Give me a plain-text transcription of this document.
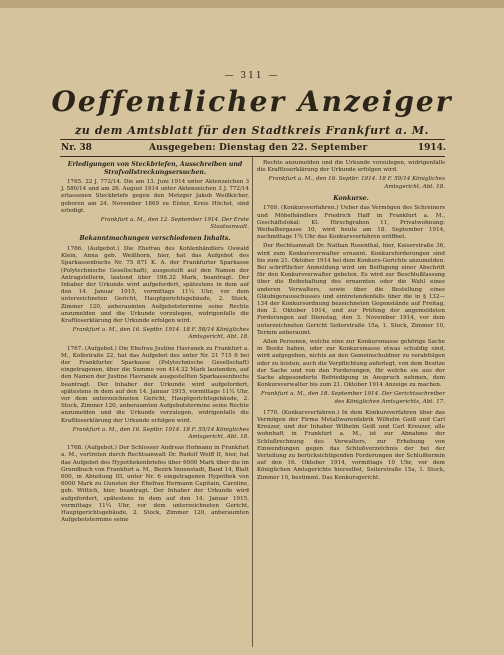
— 311 —
Oeffentlicher Anzeiger
zu dem Amtsblatt für den Stadtkreis Frankfurt a. M.
Nr. 38	Ausgegeben: Dienstag den 22. September	1914.
Erledigungen von Steckbriefen, Ausschreiben und Strafvollstreckungsersuchen.

1765. 22 J. 772/14. Die am 13. Juni 1914 unter Aktenzeichen 3 J. 580/14 und am 26. August 1914 unter Aktenzeichen 3 J. 772/14 erlassenen Steckbriefe gegen den Metzger Jakob Weißkicher, geboren am 24. November 1869 zu Elster, Kreis Höchst, sind erledigt.

Frankfurt a. M., den 12. September 1914. Der Erste Staatsanwalt.

Bekanntmachungen verschiedenen Inhalts.

1766. (Aufgebot.) Die Ehefrau des Kohlenhändlers Oswald Klein, Anna geb. Weißhorn, hier, hat das Aufgebot des Sparkassenbuchs Nr. 75 871 K. A. der Frankfurter Sparkasse (Polytechnische Gesellschaft), ausgestellt auf den Namen der Antragstellerin, lautend über 198.32 Mark, beantragt. Der Inhaber der Urkunde wird aufgefordert, spätestens in dem auf den 14. Januar 1915, vormittags 11¼ Uhr, vor dem unterzeichneten Gericht, Hauptgerichtsgebäude, 2. Stock, Zimmer 120, anberaumten Aufgebotstermine seine Rechte anzumelden und die Urkunde vorzulegen, widrigenfalls die Kraftloserklärung der Urkunde erfolgen wird.

Frankfurt a. M., den 16. Septbr. 1914. 18 F. 58/14 Königliches Amtsgericht, Abt. 18.

1767. (Aufgebot.) Die Ehefrau Justine Havranek zu Frankfurt a. M., Kolbstraße 22, hat das Aufgebot des unter Nr. 21 715 6 bei der Frankfurter Sparkasse (Polytechnische Gesellschaft) eingetragenen, über die Summe von 414.32 Mark lautenden, auf den Namen der Justine Havranek ausgestellten Sparkassenbuchs beantragt. Der Inhaber der Urkunde wird aufgefordert, spätestens in dem auf den 14. Januar 1915, vormittags 11¼ Uhr, vor dem unterzeichneten Gericht, Hauptgerichtsgebäude, 2. Stock, Zimmer 120, anberaumten Aufgebotstermine seine Rechte anzumelden und die Urkunde vorzulegen, widrigenfalls die Kraftloserklärung der Urkunde erfolgen wird.

Frankfurt a. M., den 16. Septbr. 1914. 18 F. 55/14 Königliches Amtsgericht, Abt. 18.

1768. (Aufgebot.) Der Schlosser Andreas Hofmann in Frankfurt a. M., vertreten durch Rechtsanwalt Dr. Rudolf Wolff II, hier, hat das Aufgebot des Hypothekenbriefes über 6000 Mark über die im Grundbuch von Frankfurt a. M., Bezirk Innenstadt, Band 14, Blatt 600, in Abteilung III, unter Nr. 6 eingetragenen Hypothek von 6000 Mark zu Gunsten der Ehefrau Hermann Capitain, Caroline, geb. Wittich, hier, beantragt. Der Inhaber der Urkunde wird aufgefordert, spätestens in dem auf den 14. Januar 1915, vormittags 11¼ Uhr, vor dem unterzeichneten Gericht, Hauptgerichtsgebäude, 2. Stock, Zimmer 120, anberaumten Aufgebotstermine seine

Rechte anzumelden und die Urkunde vorzulegen, widrigenfalls die Kraftloserklärung der Urkunde erfolgen wird.

Frankfurt a. M., den 16. Septbr. 1914. 18 F. 59/14 Königliches Amtsgericht, Abt. 18.

Konkurse.

1769. (Konkursverfahren.) Ueber das Vermögen des Schreiners und Möbelhändlers Friedrich Haff in Frankfurt a. M., Geschäftslokal: Kl. Hirschgraben 11, Privatwohnung: Weihalbergasse 10, wird heute am 18. September 1914, nachmittags 1¾ Uhr das Konkursverfahren eröffnet.

Der Rechtsanwalt Dr. Nathan Rosenthal, hier, Kaiserstraße 36, wird zum Konkursverwalter ernannt. Konkursforderungen sind bis zum 21. Oktober 1914 bei dem Konkurs-Gerichte anzumelden. Bei schriftlicher Anmeldung wird um Beifügung einer Abschrift für den Konkursverwalter gebeten. Es wird zur Beschlußfassung über die Beibehaltung des ernannten oder die Wahl eines anderen Verwalters, sowie über die Bestellung eines Gläubigerausschusses und eintretendenfalls über die in § 132—134 der Konkursordnung bezeichneten Gegenstände auf Freitag, den 2. Oktober 1914, und zur Prüfung der angemeldeten Forderungen auf Dienstag, den 3. November 1914, vor dem unterzeichneten Gericht Seilerstraße 15a, 1. Stock, Zimmer 10, Termin anberaumt.

Allen Personen, welche eine zur Konkursmasse gehörige Sache in Besitz haben, oder zur Konkursmasse etwas schuldig sind, wird aufgegeben, nichts an den Gemeinschuldner zu verabfolgen oder zu leisten, auch die Verpflichtung auferlegt, von dem Besitze der Sache und von den Forderungen, für welche sie aus der Sache abgesonderte Befriedigung in Anspruch nehmen, dem Konkursverwalter bis zum 21. Oktober 1914 Anzeige zu machen.

Frankfurt a. M., den 18. September 1914. Der Gerichtsschreiber des Königlichen Amtsgerichts, Abt. 17.

1770. (Konkursverfahren.) In dem Konkursverfahren über das Vermögen der Firma Metallwarenfabrik Wilhelm Geiß und Carl Kreuzer, und der Inhaber Wilhelm Geiß und Carl Kreuzer, alle wohnhaft in Frankfurt a. M., ist zur Abnahme der Schlußrechnung des Verwalters, zur Erhebung von Einwendungen gegen das Schlußverzeichnis der bei der Verteilung zu berücksichtigenden Forderungen der Schlußtermin auf den 16. Oktober 1914, vormittags 10 Uhr, vor dem Königlichen Amtsgerichte hierselbst, Seilerstraße 15a, 1. Stock, Zimmer 10, bestimmt. Das Konkursgericht.
